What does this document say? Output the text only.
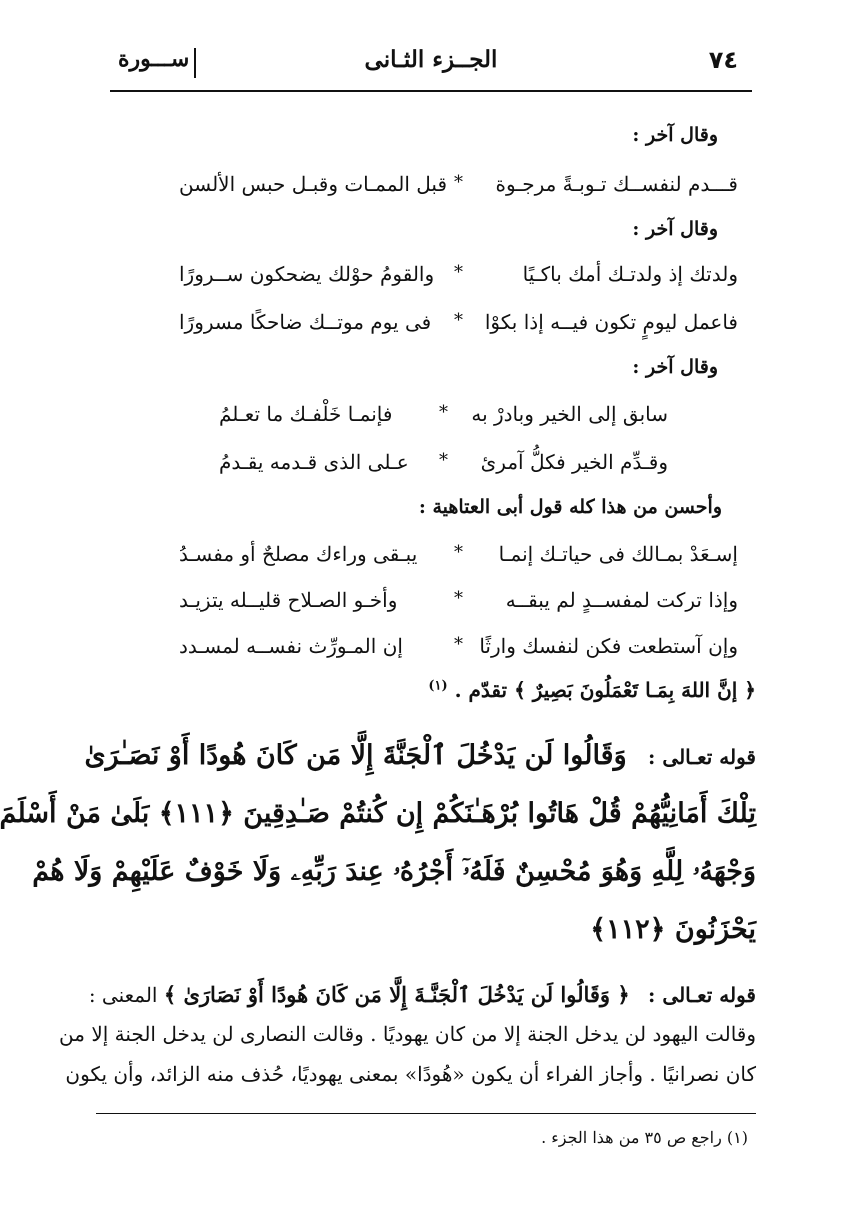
٧٤
الجــزء الثـانى
ســـورة
وقال آخر :
قـــدم لنفســك تـوبـةً مرجـوة
*
قبل الممـات وقبـل حبس الألسن
وقال آخر :
ولدتك إذ ولدتـك أمك باكـيًا
*
والقومُ حوْلك يضحكون ســرورًا
فاعمل ليومٍ تكون فيــه إذا بكوْا
*
فى يوم موتــك ضاحكًا مسرورًا
وقال آخر :
سابق إلى الخير وبادرْ به
*
فإنمـا خَلْفـك ما تعـلمُ
وقـدِّم الخير فكلُّ آمرئ
*
عـلى الذى قـدمه يقـدمُ
وأحسن من هذا كله قول أبى العتاهية :
إسـعَدْ بمـالك فى حياتـك إنمـا
*
يبـقى وراءك مصلحٌ أو مفسـدُ
وإذا تركت لمفســدٍ لم يبقــه
*
وأخـو الصـلاح قليــله يتزيـد
وإن آستطعت فكن لنفسك وارثًا
*
إن المـورِّث نفســه لمسـدد
﴿ إنَّ اللهَ بِمَـا تَعْمَلُونَ بَصِيرٌ ﴾ تقدّم . $^{(١)}$
قوله تعـالى : وَقَالُوا لَن يَدْخُلَ ٱلْجَنَّةَ إِلَّا مَن كَانَ هُودًا أَوْ نَصَـٰرَىٰ
تِلْكَ أَمَانِيُّهُمْ قُلْ هَاتُوا بُرْهَـٰنَكُمْ إِن كُنتُمْ صَـٰدِقِينَ ﴿١١١﴾ بَلَىٰ مَنْ أَسْلَمَ
وَجْهَهُۥ لِلَّهِ وَهُوَ مُحْسِنٌ فَلَهُۥٓ أَجْرُهُۥ عِندَ رَبِّهِۦ وَلَا خَوْفٌ عَلَيْهِمْ وَلَا هُمْ
يَحْزَنُونَ ﴿١١٢﴾
قوله تعـالى : ﴿ وَقَالُوا لَن يَدْخُلَ ٱلْجَنَّـةَ إِلَّا مَن كَانَ هُودًا أَوْ نَصَارَىٰ ﴾ المعنى :
وقالت اليهود لن يدخل الجنة إلا من كان يهوديًا . وقالت النصارى لن يدخل الجنة إلا من
كان نصرانيًا . وأجاز الفراء أن يكون «هُودًا» بمعنى يهوديًا، حُذف منه الزائد، وأن يكون
(١) راجع ص ٣٥ من هذا الجزء .
